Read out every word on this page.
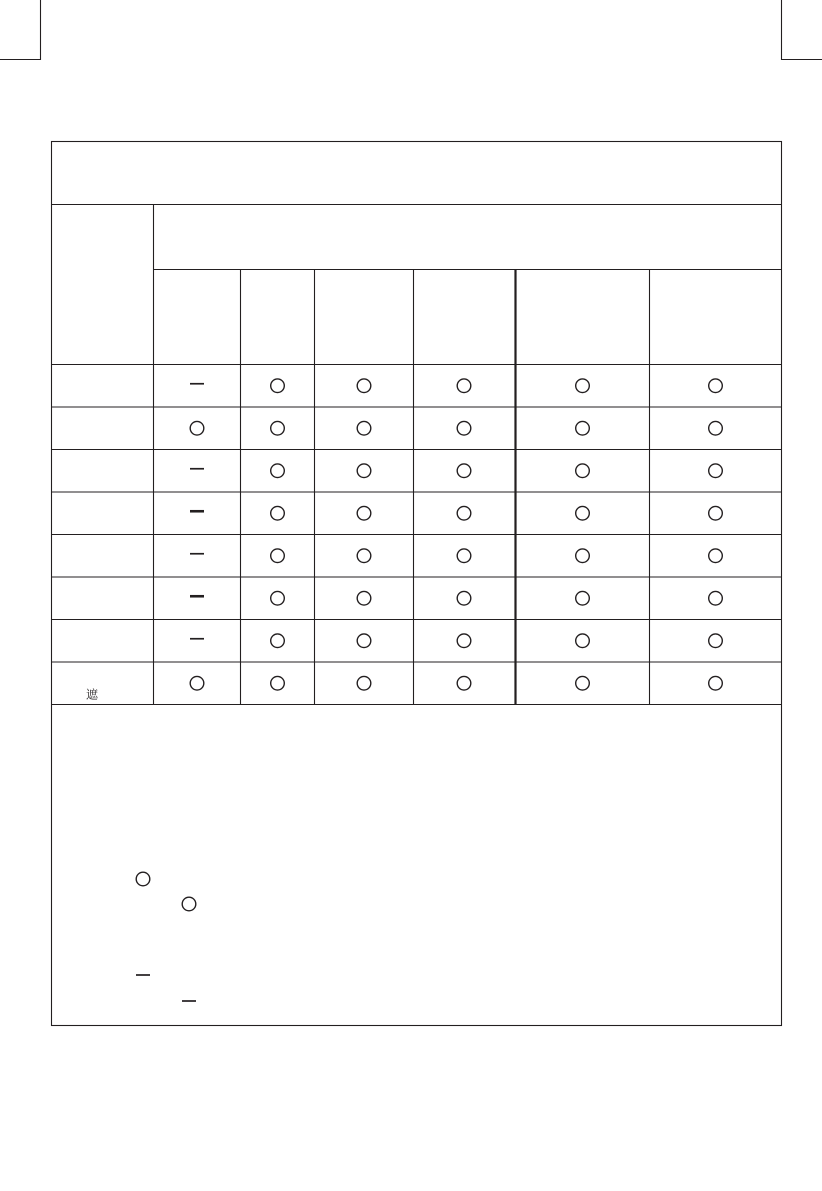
遮
